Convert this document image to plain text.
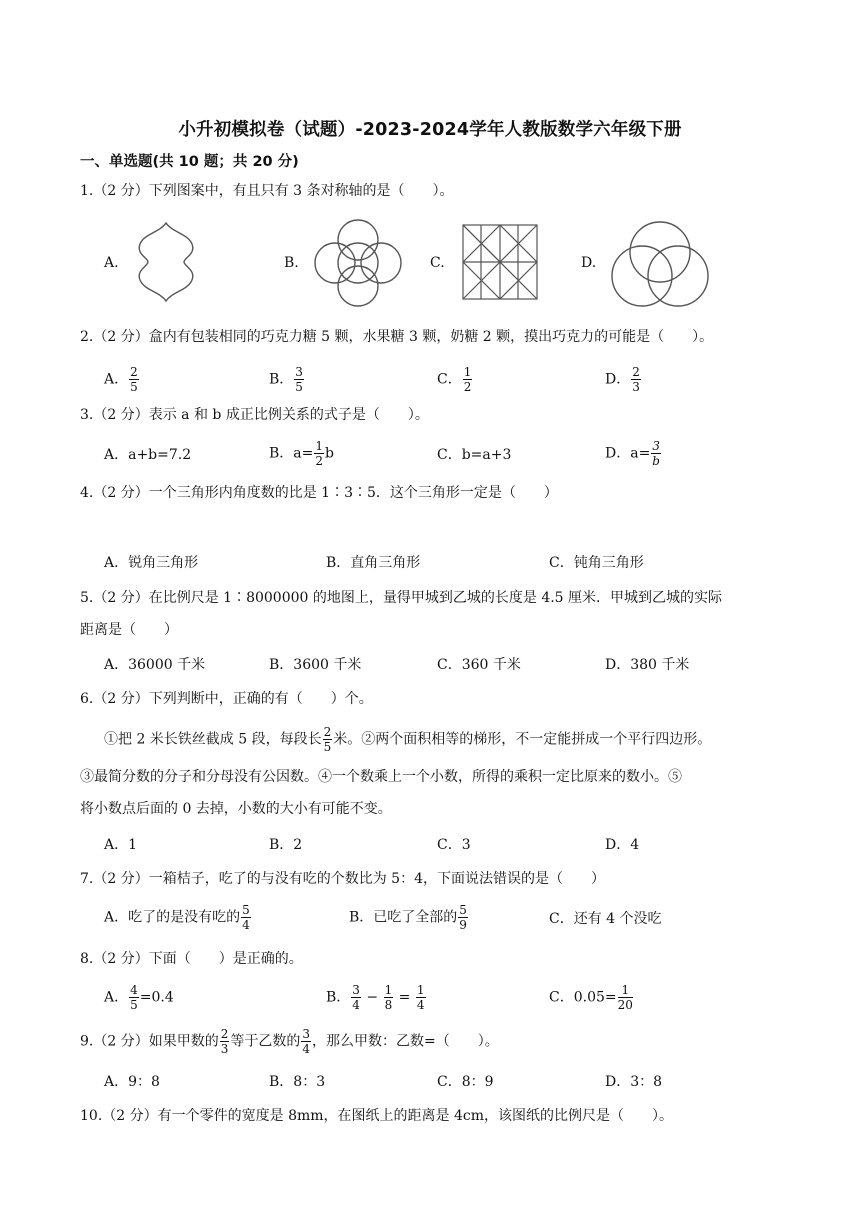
小升初模拟卷（试题）-2023-2024学年人教版数学六年级下册
一、单选题(共 10 题；共 20 分)
1.（2 分）下列图案中，有且只有 3 条对称轴的是（　　）。
A.	B.	C.	D.
2.（2 分）盒内有包装相同的巧克力糖 5 颗，水果糖 3 颗，奶糖 2 颗，摸出巧克力的可能是（　　）。
A． $\frac{2}{5}$	B． $\frac{3}{5}$	C． $\frac{1}{2}$	D． $\frac{2}{3}$
3.（2 分）表示 a 和 b 成正比例关系的式子是（　　）。
A．a+b=7.2	B．$a= \frac{1}{2}$ b	C．b=a+3	D．$a= \frac{3}{b}$
4.（2 分）一个三角形内角度数的比是 1∶3∶5．这个三角形一定是（　　）
A．锐角三角形	B．直角三角形	C．钝角三角形
5.（2 分）在比例尺是 1∶8000000 的地图上，量得甲城到乙城的长度是 4.5 厘米．甲城到乙城的实际
距离是（　　）
A．36000 千米	B．3600 千米	C．360 千米	D．380 千米
6.（2 分）下列判断中，正确的有（　　）个。
①把 2 米长铁丝截成 5 段，每段长 $\frac{2}{5}$ 米。②两个面积相等的梯形，不一定能拼成一个平行四边形。
③最简分数的分子和分母没有公因数。④一个数乘上一个小数，所得的乘积一定比原来的数小。⑤
将小数点后面的 0 去掉，小数的大小有可能不变。
A．1	B．2	C．3	D．4
7.（2 分）一箱桔子，吃了的与没有吃的个数比为 5：4，下面说法错误的是（　　）
A．吃了的是没有吃的 $\frac{5}{4}$	B．已吃了全部的 $\frac{5}{9}$	C．还有 4 个没吃
8.（2 分）下面（　　）是正确的。
A． $\frac{4}{5} =0.4$	B． $\frac{3}{4} - \frac{1}{8} = \frac{1}{4}$	C．$0.05= \frac{1}{20}$
9.（2 分）如果甲数的 $\frac{2}{3}$ 等于乙数的 $\frac{3}{4}$ ，那么甲数：乙数=（　　）。
A．9：8	B．8：3	C．8：9	D．3：8
10.（2 分）有一个零件的宽度是 8mm，在图纸上的距离是 4cm，该图纸的比例尺是（　　）。
